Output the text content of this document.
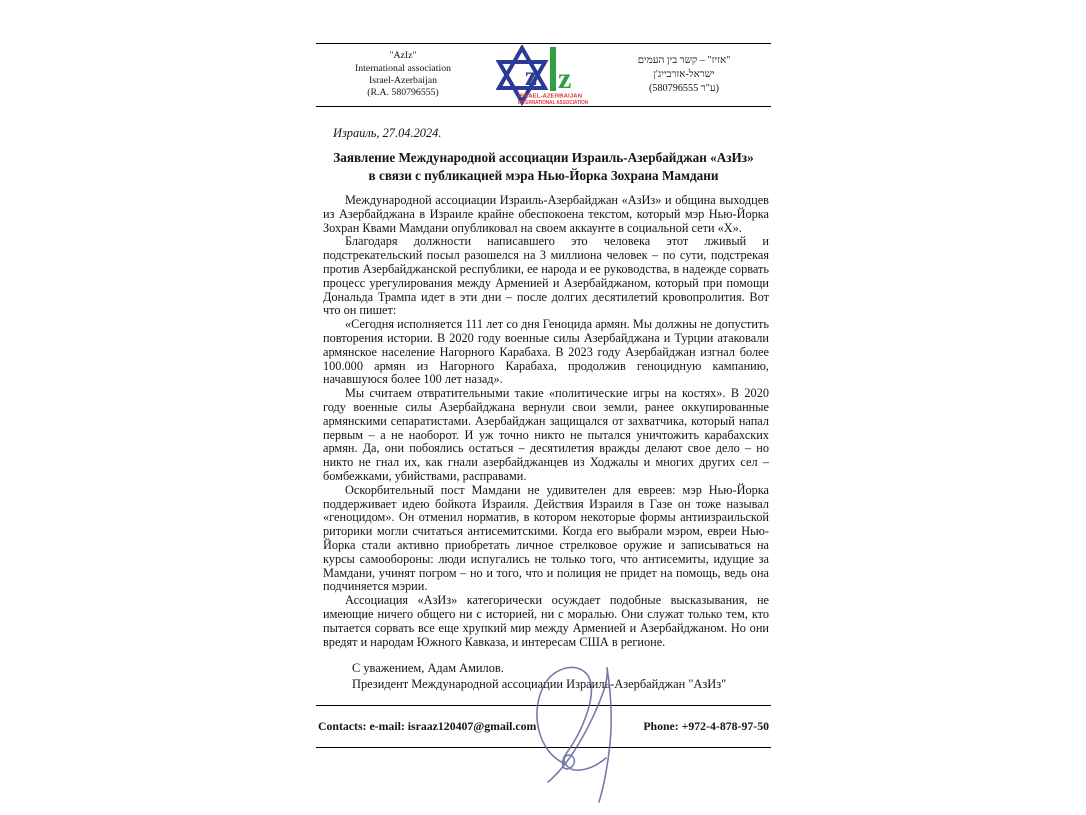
"AzIz"
International association
Israel-Azerbaijan
(R.A. 580796555)
z z
ISRAEL-AZERBAIJAN
INTERNATIONAL ASSOCIATION
"אזיז" – קשר בין העמים
ישראל-אזרבייג'ן
(ע"ר 580796555)
Израиль, 27.04.2024.
Заявление Международной ассоциации Израиль-Азербайджан «АзИз»
в связи с публикацией мэра Нью-Йорка Зохрана Мамдани

Международной ассоциации Израиль-Азербайджан «АзИз» и община выходцев из Азербайджана в Израиле крайне обеспокоена текстом, который мэр Нью-Йорка Зохран Квами Мамдани опубликовал на своем аккаунте в социальной сети «Х».

Благодаря должности написавшего это человека этот лживый и подстрекательский посыл разошелся на 3 миллиона человек – по сути, подстрекая против Азербайджанской республики, ее народа и ее руководства, в надежде сорвать процесс урегулирования между Арменией и Азербайджаном, который при помощи Дональда Трампа идет в эти дни – после долгих десятилетий кровопролития. Вот что он пишет:

«Сегодня исполняется 111 лет со дня Геноцида армян. Мы должны не допустить повторения истории. В 2020 году военные силы Азербайджана и Турции атаковали армянское население Нагорного Карабаха. В 2023 году Азербайджан изгнал более 100.000 армян из Нагорного Карабаха, продолжив геноцидную кампанию, начавшуюся более 100 лет назад».

Мы считаем отвратительными такие «политические игры на костях». В 2020 году военные силы Азербайджана вернули свои земли, ранее оккупированные армянскими сепаратистами. Азербайджан защищался от захватчика, который напал первым – а не наоборот. И уж точно никто не пытался уничтожить карабахских армян. Да, они побоялись остаться – десятилетия вражды делают свое дело – но никто не гнал их, как гнали азербайджанцев из Ходжалы и многих других сел – бомбежками, убийствами, расправами.

Оскорбительный пост Мамдани не удивителен для евреев: мэр Нью-Йорка поддерживает идею бойкота Израиля. Действия Израиля в Газе он тоже называл «геноцидом». Он отменил норматив, в котором некоторые формы антиизраильской риторики могли считаться антисемитскими. Когда его выбрали мэром, евреи Нью-Йорка стали активно приобретать личное стрелковое оружие и записываться на курсы самообороны: люди испугались не только того, что антисемиты, идущие за Мамдани, учинят погром – но и того, что и полиция не придет на помощь, ведь она подчиняется мэрии.

Ассоциация «АзИз» категорически осуждает подобные высказывания, не имеющие ничего общего ни с историей, ни с моралью. Они служат только тем, кто пытается сорвать все еще хрупкий мир между Арменией и Азербайджаном. Но они вредят и народам Южного Кавказа, и интересам США в регионе.

С уважением, Адам Амилов.
Президент Международной ассоциации Израиль-Азербайджан "АзИз"
Contacts: e-mail: israaz120407@gmail.com	Phone: +972-4-878-97-50
